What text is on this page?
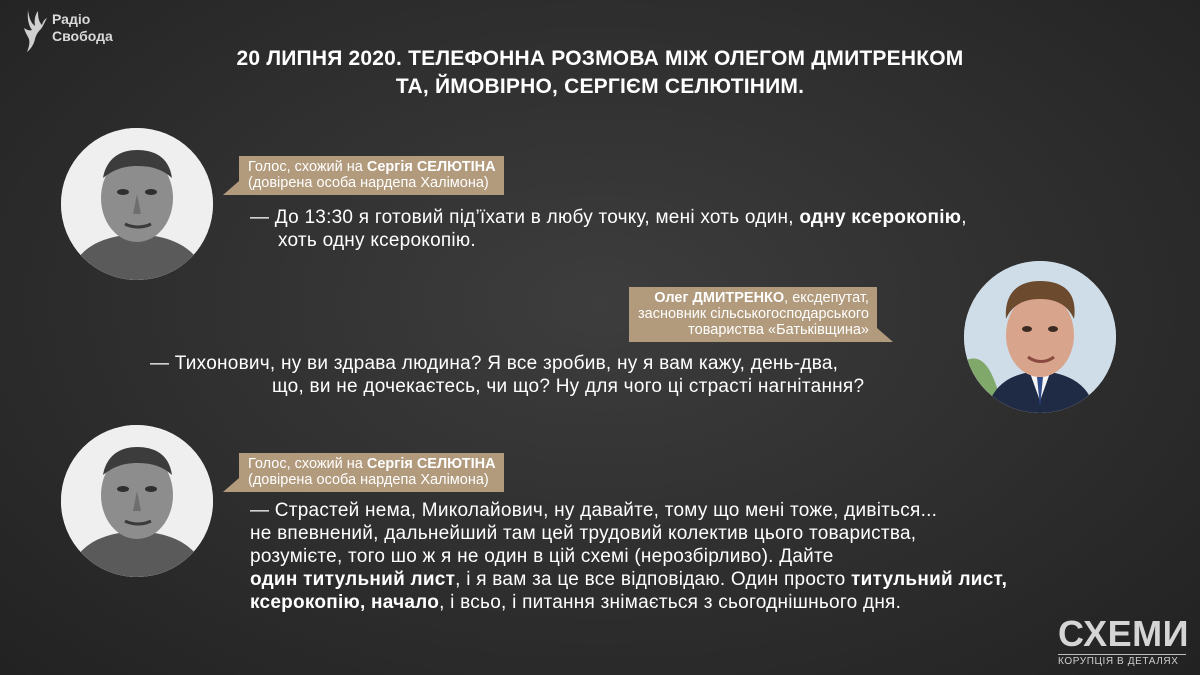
Радіо
Свобода
20 ЛИПНЯ 2020. ТЕЛЕФОННА РОЗМОВА МІЖ ОЛЕГОМ ДМИТРЕНКОМ
ТА, ЙМОВІРНО, СЕРГІЄМ СЕЛЮТІНИМ.
Голос, схожий на Сергія СЕЛЮТІНА
(довірена особа нардепа Халімона)
— До 13:30 я готовий під’їхати в любу точку, мені хоть один, одну ксерокопію,
хоть одну ксерокопію.
Олег ДМИТРЕНКО, ексдепутат,
засновник сільськогосподарського
товариства «Батьківщина»
— Тихонович, ну ви здрава людина? Я все зробив, ну я вам кажу, день-два,
що, ви не дочекаєтесь, чи що? Ну для чого ці страсті нагнітання?
Голос, схожий на Сергія СЕЛЮТІНА
(довірена особа нардепа Халімона)
— Страстей нема, Миколайович, ну давайте, тому що мені тоже, дивіться...
не впевнений, дальнейший там цей трудовий колектив цього товариства,
розумієте, того шо ж я не один в цій схемі (нерозбірливо). Дайте
один титульний лист, і я вам за це все відповідаю. Один просто титульний лист,
ксерокопію, начало, і всьо, і питання знімається з сьогоднішнього дня.
СХЕМИ
КОРУПЦІЯ В ДЕТАЛЯХ
